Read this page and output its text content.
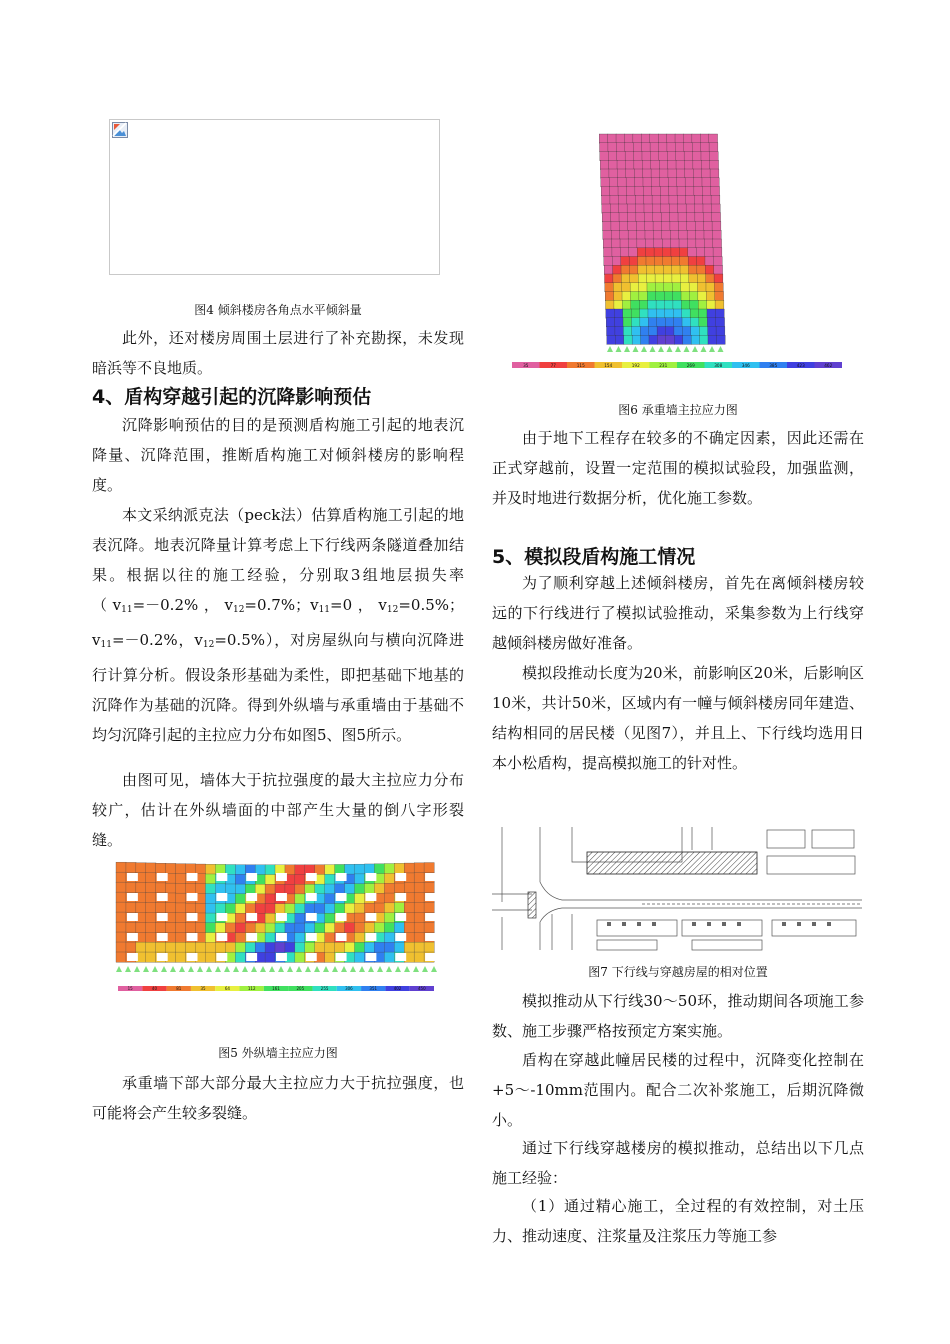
图4 倾斜楼房各角点水平倾斜量

此外，还对楼房周围土层进行了补充勘探，未发现暗浜等不良地质。

4、盾构穿越引起的沉降影响预估

沉降影响预估的目的是预测盾构施工引起的地表沉降量、沉降范围，推断盾构施工对倾斜楼房的影响程度。

本文采纳派克法（peck法）估算盾构施工引起的地表沉降。地表沉降量计算考虑上下行线两条隧道叠加结果。根据以往的施工经验，分别取3组地层损失率（$v_{11}=-0.2\%$，$v_{12}=0.7\%$；$v_{11}=0$，$v_{12}=0.5\%$；$v_{11}=-0.2\%$，$v_{12}=0.5\%$），对房屋纵向与横向沉降进行计算分析。假设条形基础为柔性，即把基础下地基的沉降作为基础的沉降。得到外纵墙与承重墙由于基础不均匀沉降引起的主拉应力分布如图5、图5所示。

由图可见，墙体大于抗拉强度的最大主拉应力分布较广，估计在外纵墙面的中部产生大量的倒八字形裂缝。

15	40	81	35	64	112	161	205	255	306	351	402	450

图5 外纵墙主拉应力图

承重墙下部大部分最大主拉应力大于抗拉强度，也可能将会产生较多裂缝。

35	77	115	154	192	231	269	308	346	385	423	462

图6 承重墙主拉应力图

由于地下工程存在较多的不确定因素，因此还需在正式穿越前，设置一定范围的模拟试验段，加强监测，并及时地进行数据分析，优化施工参数。

5、模拟段盾构施工情况

为了顺利穿越上述倾斜楼房，首先在离倾斜楼房较远的下行线进行了模拟试验推动，采集参数为上行线穿越倾斜楼房做好准备。

模拟段推动长度为20米，前影响区20米，后影响区10米，共计50米，区域内有一幢与倾斜楼房同年建造、结构相同的居民楼（见图7），并且上、下行线均选用日本小松盾构，提高模拟施工的针对性。

图7 下行线与穿越房屋的相对位置

模拟推动从下行线30～50环，推动期间各项施工参数、施工步骤严格按预定方案实施。

盾构在穿越此幢居民楼的过程中，沉降变化控制在+5～-10mm范围内。配合二次补浆施工，后期沉降微小。

通过下行线穿越楼房的模拟推动，总结出以下几点施工经验：

（1）通过精心施工，全过程的有效控制，对土压力、推动速度、注浆量及注浆压力等施工参
